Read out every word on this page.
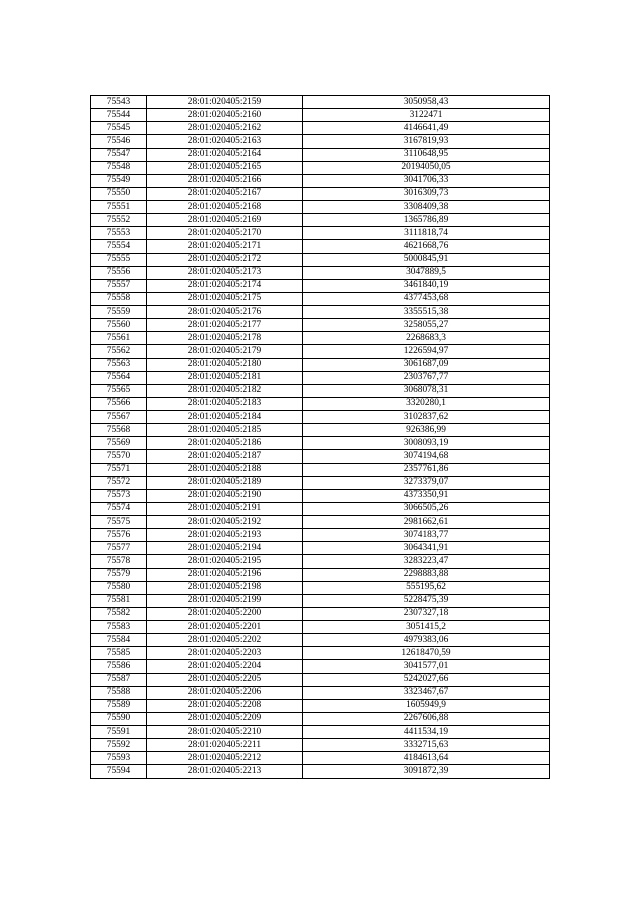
75543	28:01:020405:2159	3050958,43
75544	28:01:020405:2160	3122471
75545	28:01:020405:2162	4146641,49
75546	28:01:020405:2163	3167819,93
75547	28:01:020405:2164	3110648,95
75548	28:01:020405:2165	20194050,05
75549	28:01:020405:2166	3041706,33
75550	28:01:020405:2167	3016309,73
75551	28:01:020405:2168	3308409,38
75552	28:01:020405:2169	1365786,89
75553	28:01:020405:2170	3111818,74
75554	28:01:020405:2171	4621668,76
75555	28:01:020405:2172	5000845,91
75556	28:01:020405:2173	3047889,5
75557	28:01:020405:2174	3461840,19
75558	28:01:020405:2175	4377453,68
75559	28:01:020405:2176	3355515,38
75560	28:01:020405:2177	3258055,27
75561	28:01:020405:2178	2268683,3
75562	28:01:020405:2179	1226594,97
75563	28:01:020405:2180	3061687,09
75564	28:01:020405:2181	2303767,77
75565	28:01:020405:2182	3068078,31
75566	28:01:020405:2183	3320280,1
75567	28:01:020405:2184	3102837,62
75568	28:01:020405:2185	926386,99
75569	28:01:020405:2186	3008093,19
75570	28:01:020405:2187	3074194,68
75571	28:01:020405:2188	2357761,86
75572	28:01:020405:2189	3273379,07
75573	28:01:020405:2190	4373350,91
75574	28:01:020405:2191	3066505,26
75575	28:01:020405:2192	2981662,61
75576	28:01:020405:2193	3074183,77
75577	28:01:020405:2194	3064341,91
75578	28:01:020405:2195	3283223,47
75579	28:01:020405:2196	2298883,88
75580	28:01:020405:2198	555195,62
75581	28:01:020405:2199	5228475,39
75582	28:01:020405:2200	2307327,18
75583	28:01:020405:2201	3051415,2
75584	28:01:020405:2202	4979383,06
75585	28:01:020405:2203	12618470,59
75586	28:01:020405:2204	3041577,01
75587	28:01:020405:2205	5242027,66
75588	28:01:020405:2206	3323467,67
75589	28:01:020405:2208	1605949,9
75590	28:01:020405:2209	2267606,88
75591	28:01:020405:2210	4411534,19
75592	28:01:020405:2211	3332715,63
75593	28:01:020405:2212	4184613,64
75594	28:01:020405:2213	3091872,39
